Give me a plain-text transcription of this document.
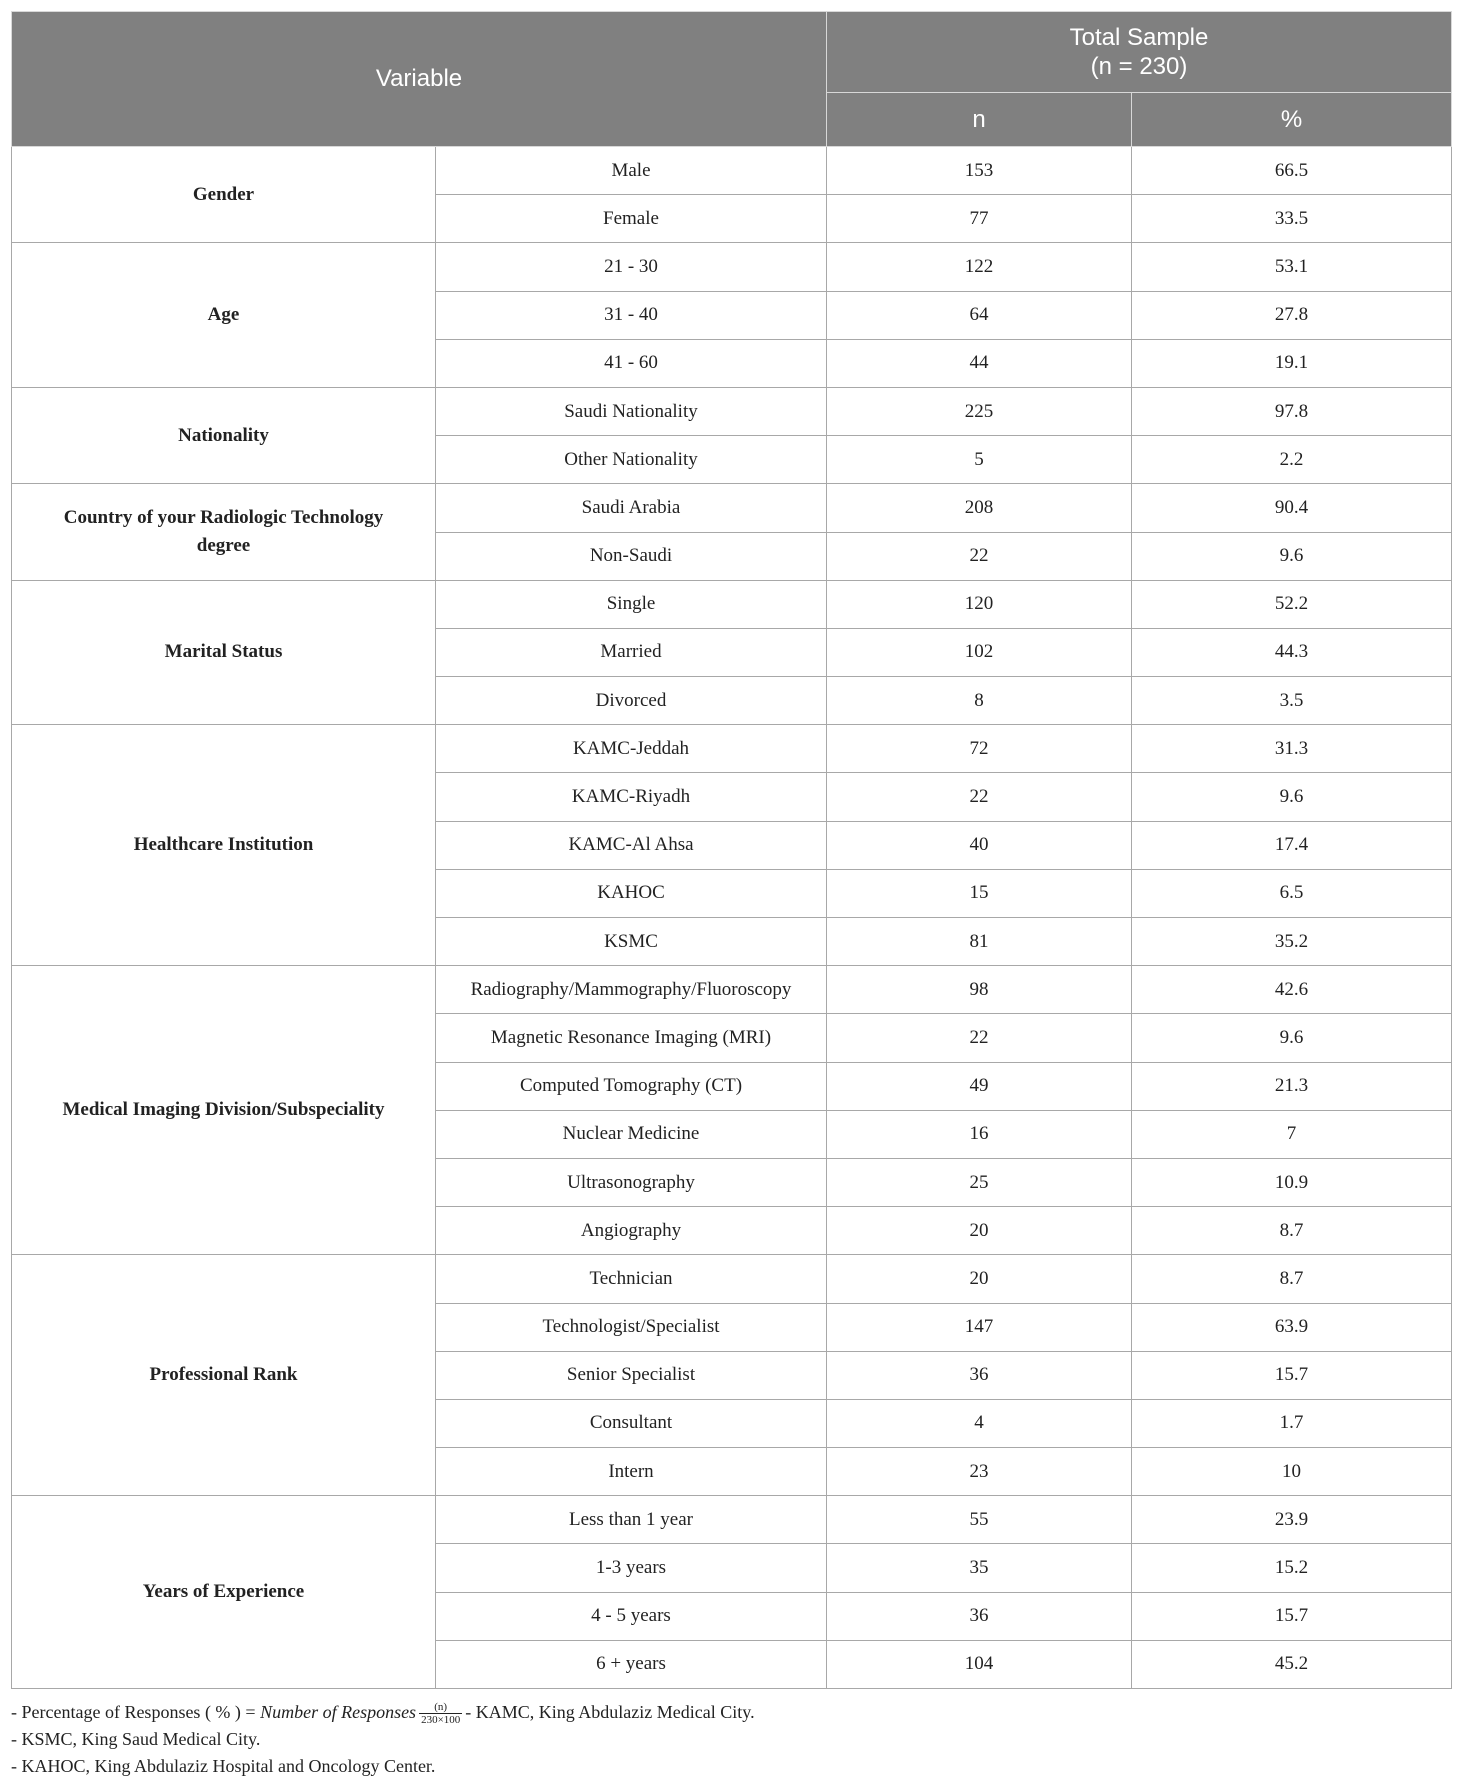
Variable		Total Sample
(n = 230)	
		n	%
Gender	Male	153	66.5
	Female	77	33.5
Age	21 - 30	122	53.1
	31 - 40	64	27.8
	41 - 60	44	19.1
Nationality	Saudi Nationality	225	97.8
	Other Nationality	5	2.2
Country of your Radiologic Technology degree	Saudi Arabia	208	90.4
	Non-Saudi	22	9.6
Marital Status	Single	120	52.2
	Married	102	44.3
	Divorced	8	3.5
Healthcare Institution	KAMC-Jeddah	72	31.3
	KAMC-Riyadh	22	9.6
	KAMC-Al Ahsa	40	17.4
	KAHOC	15	6.5
	KSMC	81	35.2
Medical Imaging Division/Subspeciality	Radiography/Mammography/Fluoroscopy	98	42.6
	Magnetic Resonance Imaging (MRI)	22	9.6
	Computed Tomography (CT)	49	21.3
	Nuclear Medicine	16	7
	Ultrasonography	25	10.9
	Angiography	20	8.7
Professional Rank	Technician	20	8.7
	Technologist/Specialist	147	63.9
	Senior Specialist	36	15.7
	Consultant	4	1.7
	Intern	23	10
Years of Experience	Less than 1 year	55	23.9
	1-3 years	35	15.2
	4 - 5 years	36	15.7
	6 + years	104	45.2
- Percentage of Responses ( % ) = Number of Responses $\frac{(n)}{230\times 100}$ - KAMC, King Abdulaziz Medical City.
- KSMC, King Saud Medical City.
- KAHOC, King Abdulaziz Hospital and Oncology Center.
